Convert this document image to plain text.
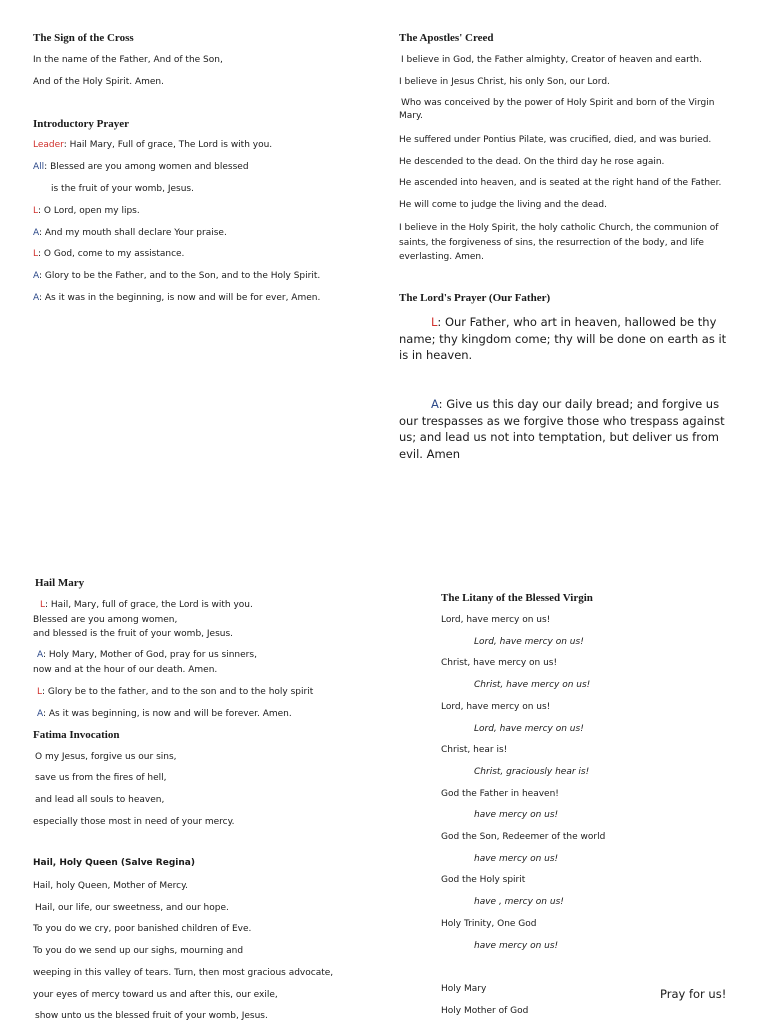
The Sign of the Cross
In the name of the Father, And of the Son,
And of the Holy Spirit. Amen.
Introductory Prayer
Leader: Hail Mary, Full of grace, The Lord is with you.
All: Blessed are you among women and blessed
is the fruit of your womb, Jesus.
L: O Lord, open my lips.
A: And my mouth shall declare Your praise.
L: O God, come to my assistance.
A: Glory to be the Father, and to the Son, and to the Holy Spirit.
A: As it was in the beginning, is now and will be for ever, Amen.
The Apostles' Creed
I believe in God, the Father almighty, Creator of heaven and earth.
I believe in Jesus Christ, his only Son, our Lord.
Who was conceived by the power of Holy Spirit and born of the Virgin Mary.
He suffered under Pontius Pilate, was crucified, died, and was buried.
He descended to the dead. On the third day he rose again.
He ascended into heaven, and is seated at the right hand of the Father.
He will come to judge the living and the dead.
I believe in the Holy Spirit, the holy catholic Church, the communion of saints, the forgiveness of sins, the resurrection of the body, and life everlasting. Amen.
The Lord's Prayer (Our Father)
L: Our Father, who art in heaven, hallowed be thy name; thy kingdom come; thy will be done on earth as it is in heaven.
A: Give us this day our daily bread; and forgive us our trespasses as we forgive those who trespass against us; and lead us not into temptation, but deliver us from evil. Amen
Hail Mary
L: Hail, Mary, full of grace, the Lord is with you.
Blessed are you among women,
and blessed is the fruit of your womb, Jesus.
A: Holy Mary, Mother of God, pray for us sinners,
now and at the hour of our death. Amen.
L: Glory be to the father, and to the son and to the holy spirit
A: As it was beginning, is now and will be forever. Amen.
Fatima Invocation
O my Jesus, forgive us our sins,
save us from the fires of hell,
and lead all souls to heaven,
especially those most in need of your mercy.
Hail, Holy Queen (Salve Regina)
Hail, holy Queen, Mother of Mercy.
Hail, our life, our sweetness, and our hope.
To you do we cry, poor banished children of Eve.
To you do we send up our sighs, mourning and
weeping in this valley of tears. Turn, then most gracious advocate,
your eyes of mercy toward us and after this, our exile,
show unto us the blessed fruit of your womb, Jesus.
The Litany of the Blessed Virgin
Lord, have mercy on us!
Lord, have mercy on us!
Christ, have mercy on us!
Christ, have mercy on us!
Lord, have mercy on us!
Lord, have mercy on us!
Christ, hear is!
Christ, graciously hear is!
God the Father in heaven!
have mercy on us!
God the Son, Redeemer of the world
have mercy on us!
God the Holy spirit
have , mercy on us!
Holy Trinity, One God
have mercy on us!
Holy Mary
Holy Mother of God
Pray for us!
